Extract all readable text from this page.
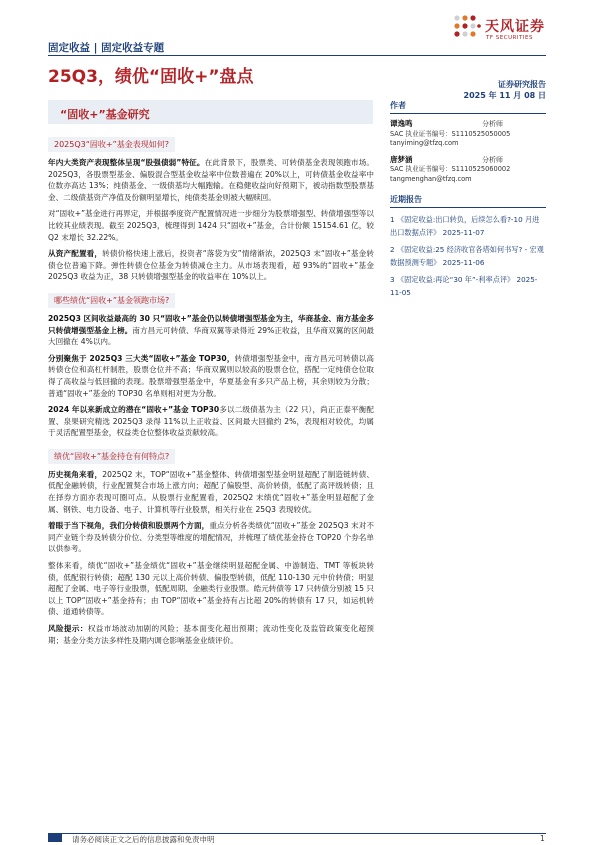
固定收益 | 固定收益专题
天风证券
TF SECURITIES
25Q3，绩优“固收+”盘点	证券研究报告
2025 年 11 月 08 日
“固收+”基金研究
2025Q3“固收+”基金表现如何?

年内大类资产表现整体呈现“股强债弱”特征。在此背景下，股票类、可转债基金表现领跑市场。2025Q3，各股票型基金、偏股混合型基金收益率中位数普遍在 20%以上，可转债基金收益率中位数亦高达 13%；纯债基金、一级债基均大幅跑输。在稳健收益向好预期下，被动指数型股票基金、二级债基资产净值及份额明显增长，纯债类基金则被大幅赎回。

对“固收+”基金进行再界定，并根据季度资产配置情况进一步细分为股票增强型、转债增强型等以比较其业绩表现。截至 2025Q3，梳理得到 1424 只“固收+”基金，合计份额 15154.61 亿，较 Q2 末增长 32.22%。

从资产配置看，转债价格快速上涨后，投资者“落袋为安”情绪渐浓，2025Q3 末“固收+”基金转债仓位普遍下降。弹性转债仓位基金为转债减仓主力。从市场表现看，超 93%的“固收+”基金 2025Q3 收益为正，38 只转债增强型基金的收益率在 10%以上。

哪些绩优“固收+”基金领跑市场?

2025Q3 区间收益最高的 30 只“固收+”基金仍以转债增强型基金为主，华商基金、南方基金多只转债增强型基金上榜。南方昌元可转债、华商双翼等录得近 29%正收益，且华商双翼的区间最大回撤在 4%以内。

分别聚焦于 2025Q3 三大类“固收+”基金 TOP30，转债增强型基金中，南方昌元可转债以高转债仓位和高杠杆制胜，股票仓位并不高；华商双翼则以较高的股票仓位，搭配一定纯债仓位取得了高收益与低回撤的表现。股票增强型基金中，华夏基金有多只产品上榜，其余则较为分散；普通“固收+”基金的 TOP30 名单则相对更为分散。

2024 年以来新成立的潜在“固收+”基金 TOP30多以二级债基为主（22 只），尚正正泰平衡配置、泉果研究精选 2025Q3 录得 11%以上正收益、区间最大回撤约 2%，表现相对较优，均属于灵活配置型基金，权益类仓位整体收益贡献较高。

绩优“固收+”基金持仓有何特点?

历史视角来看，2025Q2 末，TOP“固收+”基金整体、转债增强型基金明显超配了制造链转债、低配金融转债，行业配置契合市场上涨方向；超配了偏股型、高价转债，低配了高评级转债；且在择券方面亦表现可圈可点。从股票行业配置看，2025Q2 末绩优“固收+”基金明显超配了金属、钢铁、电力设备、电子、计算机等行业股票，相关行业在 25Q3 表现较优。

着眼于当下视角，我们分转债和股票两个方面，重点分析各类绩优“固收+”基金 2025Q3 末对不同产业链个券及转债分价位、分类型等维度的增配情况，并梳理了绩优基金持仓 TOP20 个券名单以供参考。

整体来看，绩优“固收+”基金绩优“固收+”基金继续明显超配金属、中游制造、TMT 等板块转债，低配银行转债；超配 130 元以上高价转债、偏股型转债，低配 110-130 元中价转债；明显超配了金属、电子等行业股票，低配周期、金融类行业股票。皓元转债等 17 只转债分别被 15 只以上 TOP“固收+”基金持有；由 TOP“固收+”基金持有占比超 20%的转债有 17 只，如运机转债、道通转债等。

风险提示：权益市场波动加剧的风险；基本面变化超出预期；流动性变化及监管政策变化超预期；基金分类方法多样性及期内调仓影响基金业绩评价。

作者
谭逸鸣	分析师
SAC 执业证书编号：S1110525050005
tanyiming@tfzq.com
唐梦涵	分析师
SAC 执业证书编号：S1110525060002
tangmenghan@tfzq.com
近期报告
1 《固定收益:出口转负，后续怎么看?-10 月进出口数据点评》 2025-11-07
2 《固定收益:25 经济收官各塔如何书写? - 宏观数据预测专题》 2025-11-06
3 《固定收益:再论“30 年”-利率点评》 2025-11-05
请务必阅读正文之后的信息披露和免责申明	1
